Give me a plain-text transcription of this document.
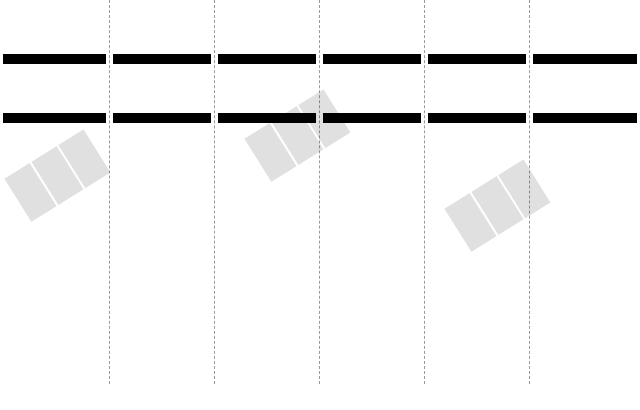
███	███
███
